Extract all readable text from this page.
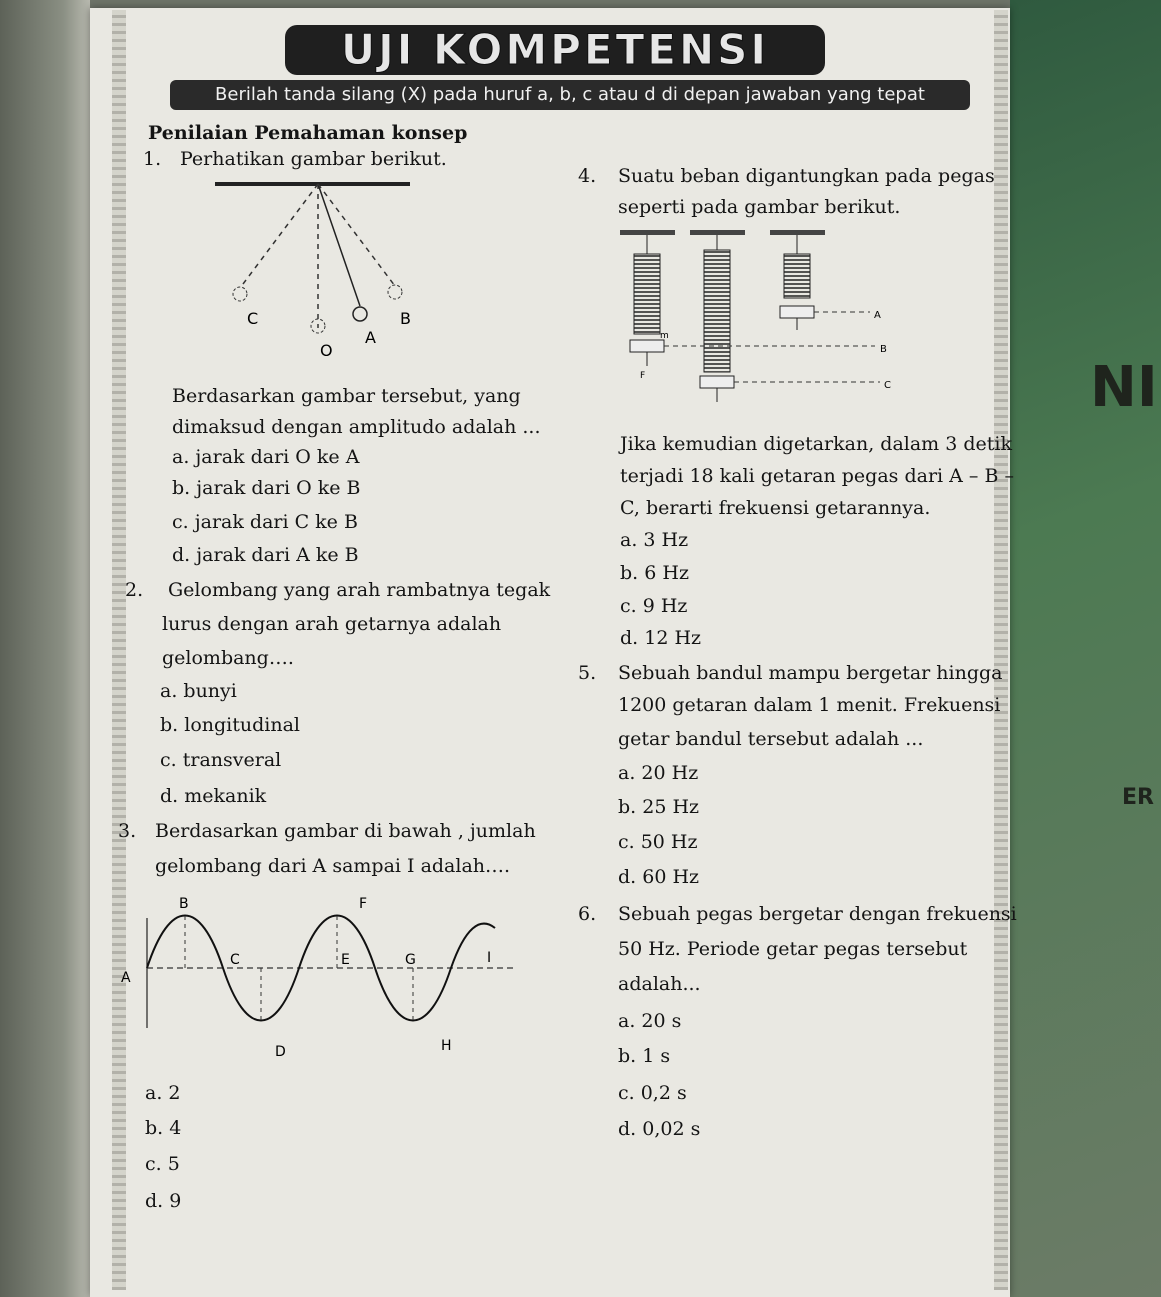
NI
ER
UJI KOMPETENSI
Berilah tanda silang (X) pada huruf a, b, c atau d di depan jawaban yang tepat
Penilaian Pemahaman konsep
1. Perhatikan gambar berikut.
C	B
A
O
Berdasarkan gambar tersebut, yang
dimaksud dengan amplitudo adalah ...
a. jarak dari O ke A
b. jarak dari O ke B
c. jarak dari C ke B
d. jarak dari A ke B
2. Gelombang yang arah rambatnya tegak
lurus dengan arah getarnya adalah
gelombang….
a. bunyi
b. longitudinal
c. transveral
d. mekanik
3. Berdasarkan gambar di bawah , jumlah
gelombang dari A sampai I adalah….
A
B
C
D
E
F
G
H
I
a. 2
b. 4
c. 5
d. 9
4. Suatu beban digantungkan pada pegas
seperti pada gambar berikut.
A
B
C
m
F
Jika kemudian digetarkan, dalam 3 detik
terjadi 18 kali getaran pegas dari A – B –
C, berarti frekuensi getarannya.
a. 3 Hz
b. 6 Hz
c. 9 Hz
d. 12 Hz
5. Sebuah bandul mampu bergetar hingga
1200 getaran dalam 1 menit. Frekuensi
getar bandul tersebut adalah ...
a. 20 Hz
b. 25 Hz
c. 50 Hz
d. 60 Hz
6. Sebuah pegas bergetar dengan frekuensi
50 Hz. Periode getar pegas tersebut
adalah...
a. 20 s
b. 1 s
c. 0,2 s
d. 0,02 s
